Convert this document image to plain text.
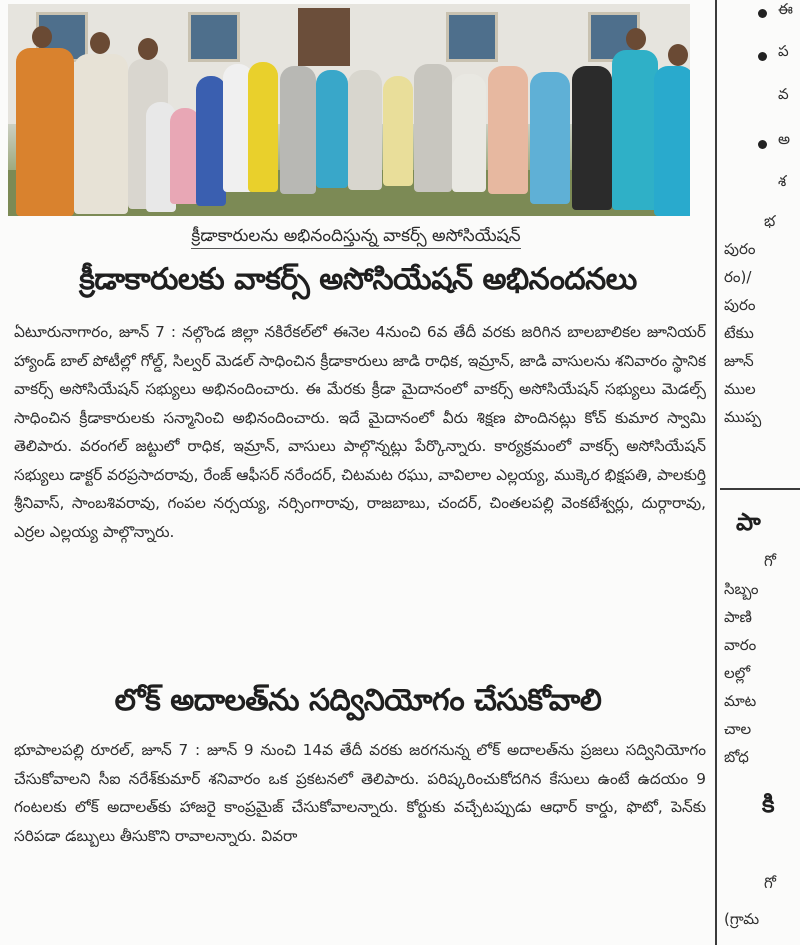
క్రీడాకారులను అభినందిస్తున్న వాకర్స్ అసోసియేషన్
క్రీడాకారులకు వాకర్స్ అసోసియేషన్ అభినందనలు
ఏటూరునాగారం, జూన్ 7 : నల్గొండ జిల్లా నకిరేకల్‌లో ఈనెల 4నుంచి 6వ తేదీ వరకు జరిగిన బాలబాలికల జూనియర్ హ్యాండ్ బాల్ పోటీల్లో గోల్డ్, సిల్వర్ మెడల్ సాధించిన క్రీడాకారులు జాడి రాధిక, ఇమ్రాన్, జాడి వాసులను శనివారం స్థానిక వాకర్స్ అసోసియేషన్ సభ్యులు అభినందించారు. ఈ మేరకు క్రీడా మైదానంలో వాకర్స్ అసోసియేషన్ సభ్యులు మెడల్స్ సాధించిన క్రీడాకారులకు సన్మానించి అభినందించారు. ఇదే మైదానంలో వీరు శిక్షణ పొందినట్లు కోచ్ కుమార స్వామి తెలిపారు. వరంగల్ జట్టులో రాధిక, ఇమ్రాన్, వాసులు పాల్గొన్నట్లు పేర్కొన్నారు. కార్యక్రమంలో వాకర్స్ అసోసియేషన్ సభ్యులు డాక్టర్ వరప్రసాదరావు, రేంజ్ ఆఫీసర్ నరేందర్, చిటమట రఘు, వావిలాల ఎల్లయ్య, ముక్కెర భిక్షపతి, పాలకుర్తి శ్రీనివాస్, సాంబశివరావు, గంపల నర్సయ్య, నర్సింగారావు, రాజబాబు, చందర్, చింతలపల్లి వెంకటేశ్వర్లు, దుర్గారావు, ఎర్రల ఎల్లయ్య పాల్గొన్నారు.
లోక్ అదాలత్‌ను సద్వినియోగం చేసుకోవాలి
భూపాలపల్లి రూరల్, జూన్ 7 : జూన్ 9 నుంచి 14వ తేదీ వరకు జరగనున్న లోక్ అదాలత్‌ను ప్రజలు సద్వినియోగం చేసుకోవాలని సీఐ నరేశ్‌కుమార్ శనివారం ఒక ప్రకటనలో తెలిపారు. పరిష్కరించుకోదగిన కేసులు ఉంటే ఉదయం 9 గంటలకు లోక్ అదాలత్‌కు హాజరై కాంప్రమైజ్ చేసుకోవాలన్నారు. కోర్టుకు వచ్చేటప్పుడు ఆధార్ కార్డు, ఫొటో, పెన్‌కు సరిపడా డబ్బులు తీసుకొని రావాలన్నారు. వివరా
ఈ
ప
వ
అ
శ
భ
పురం
రం)/
పురం
టేకుు
జూన్
ముల
ముప్ప
పా
గో
సిబ్బం
పాణి
వారం
లల్లో
మాట
చాల
బోధ
కి
గో
(గ్రామ
